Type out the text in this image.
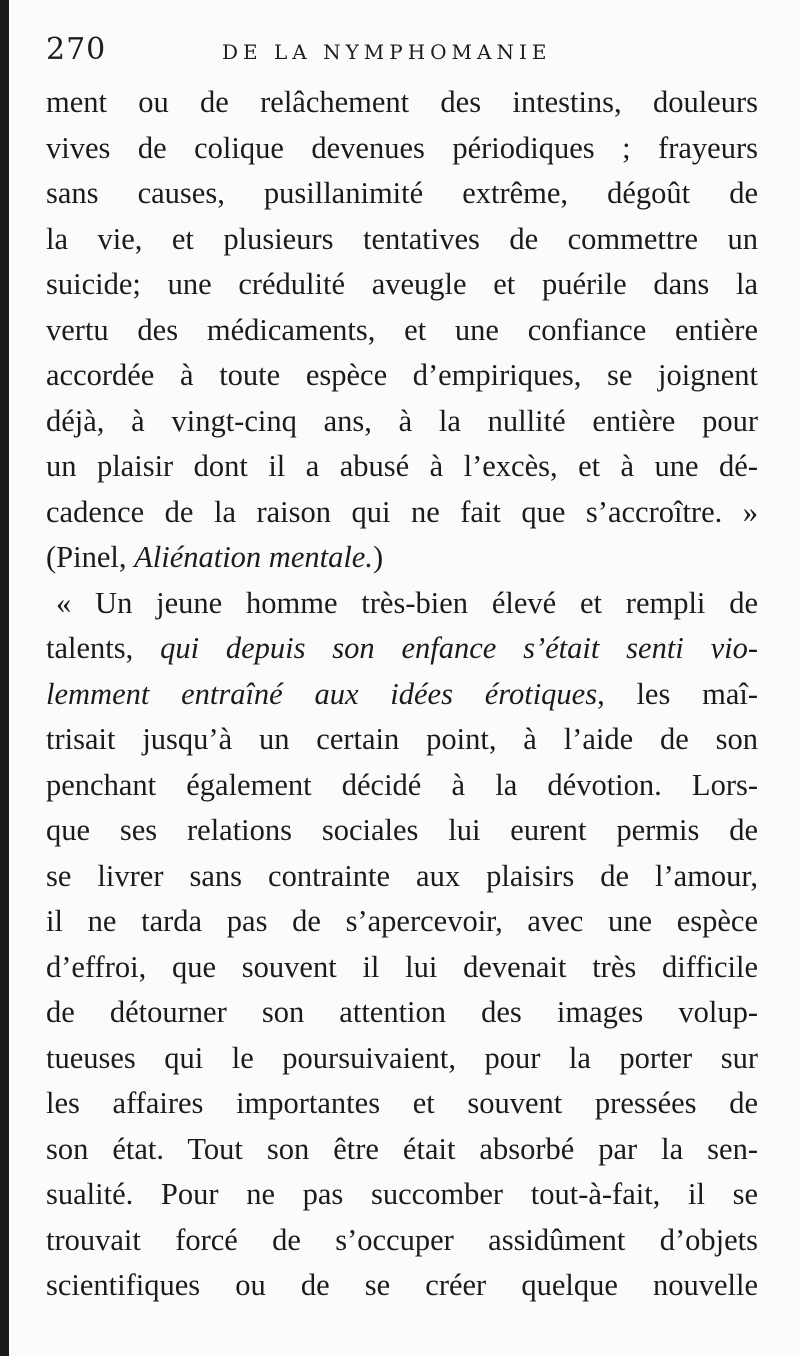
270	DE LA NYMPHOMANIE
ment ou de relâchement des intestins, douleurs
vives de colique devenues périodiques ; frayeurs
sans causes, pusillanimité extrême, dégoût de
la vie, et plusieurs tentatives de commettre un
suicide; une crédulité aveugle et puérile dans la
vertu des médicaments, et une confiance entière
accordée à toute espèce d’empiriques, se joignent
déjà, à vingt-cinq ans, à la nullité entière pour
un plaisir dont il a abusé à l’excès, et à une dé-
cadence de la raison qui ne fait que s’accroître. »
(Pinel, Aliénation mentale.)
« Un jeune homme très-bien élevé et rempli de
talents, qui depuis son enfance s’était senti vio-
lemment entraîné aux idées érotiques, les maî-
trisait jusqu’à un certain point, à l’aide de son
penchant également décidé à la dévotion. Lors-
que ses relations sociales lui eurent permis de
se livrer sans contrainte aux plaisirs de l’amour,
il ne tarda pas de s’apercevoir, avec une espèce
d’effroi, que souvent il lui devenait très difficile
de détourner son attention des images volup-
tueuses qui le poursuivaient, pour la porter sur
les affaires importantes et souvent pressées de
son état. Tout son être était absorbé par la sen-
sualité. Pour ne pas succomber tout-à-fait, il se
trouvait forcé de s’occuper assidûment d’objets
scientifiques ou de se créer quelque nouvelle
